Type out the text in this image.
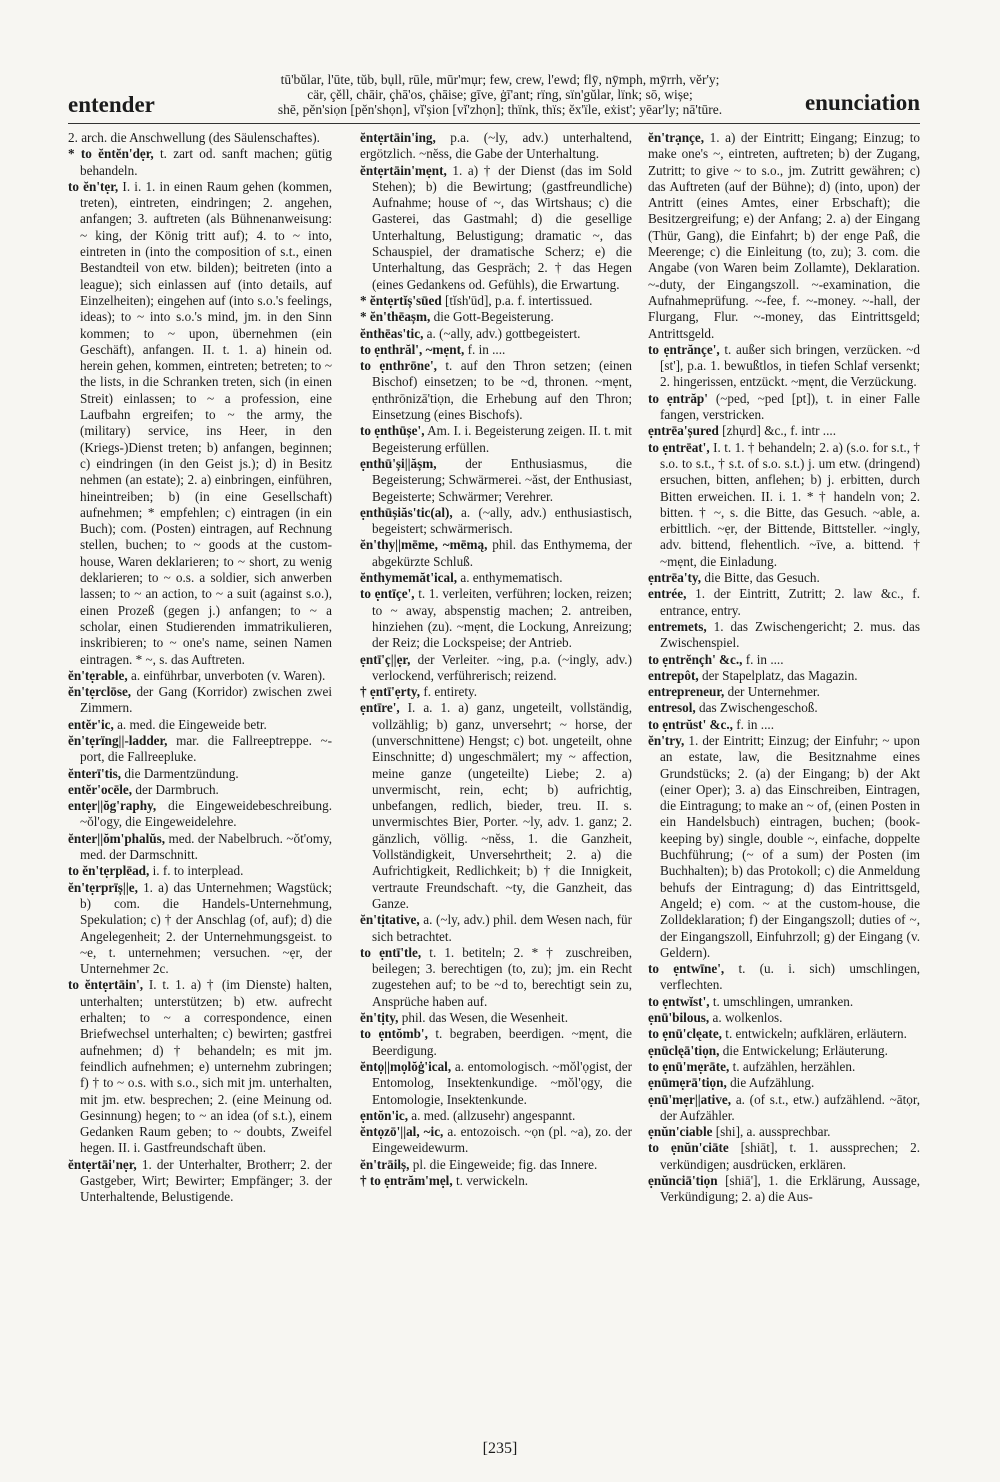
tū'bŭlar, l'ūte, tŭb, bụll, rūle, mūr'mụr; few, crew, l'ewd; flȳ, nȳmph, mȳrrh, vĕr'y;
cär, çĕll, chāir, çhā'os, çhāise; gīve, ġī'ant; rïng, sïn'gŭlar, lïnk; sō, wișe;
shē, pĕn'siọn [pĕn'shọn], vĭ'șion [vĭ'zhọn]; thïnk, thïs; ĕx'ïle, eẋist'; yēar'ly; nā'tūre.
entender	enunciation
2. arch. die Anschwellung (des Säulenschaftes).
* to ĕntĕn'dẹr, t. zart od. sanft machen; gütig behandeln.
to ĕn'tẹr, I. i. 1. in einen Raum gehen (kommen, treten), eintreten, eindringen; 2. angehen, anfangen; 3. auftreten (als Bühnenanweisung: ~ king, der König tritt auf); 4. to ~ into, eintreten in (into the composition of s.t., einen Bestandteil von etw. bilden); beitreten (into a league); sich einlassen auf (into details, auf Einzelheiten); eingehen auf (into s.o.'s feelings, ideas); to ~ into s.o.'s mind, jm. in den Sinn kommen; to ~ upon, übernehmen (ein Geschäft), anfangen. II. t. 1. a) hinein od. herein gehen, kommen, eintreten; betreten; to ~ the lists, in die Schranken treten, sich (in einen Streit) einlassen; to ~ a profession, eine Laufbahn ergreifen; to ~ the army, the (military) service, ins Heer, in den (Kriegs-)Dienst treten; b) anfangen, beginnen; c) eindringen (in den Geist js.); d) in Besitz nehmen (an estate); 2. a) einbringen, einführen, hineintreiben; b) (in eine Gesellschaft) aufnehmen; * empfehlen; c) eintragen (in ein Buch); com. (Posten) eintragen, auf Rechnung stellen, buchen; to ~ goods at the custom-house, Waren deklarieren; to ~ short, zu wenig deklarieren; to ~ o.s. a soldier, sich anwerben lassen; to ~ an action, to ~ a suit (against s.o.), einen Prozeß (gegen j.) anfangen; to ~ a scholar, einen Studierenden immatrikulieren, inskribieren; to ~ one's name, seinen Namen eintragen. * ~, s. das Auftreten.
ĕn'tẹrable, a. einführbar, unverboten (v. Waren).
ĕn'tẹrclōse, der Gang (Korridor) zwischen zwei Zimmern.
entĕr'ic, a. med. die Eingeweide betr.
ĕn'tẹrïng||-ladder, mar. die Fallreeptreppe. ~-port, die Fallreepluke.
ĕnterī'tis, die Darmentzündung.
entĕr'ocēle, der Darmbruch.
entẹr||ŏg'raphy, die Eingeweidebeschreibung. ~ŏl'ogy, die Eingeweidelehre.
ĕnter||ŏm'phalŭs, med. der Nabelbruch. ~ŏt'omy, med. der Darmschnitt.
to ĕn'tẹrplēad, i. f. to interplead.
ĕn'tẹrprīș||e, 1. a) das Unternehmen; Wagstück; b) com. die Handels-Unternehmung, Spekulation; c) † der Anschlag (of, auf); d) die Angelegenheit; 2. der Unternehmungsgeist. to ~e, t. unternehmen; versuchen. ~ẹr, der Unternehmer 2c.
to ĕntẹrtāin', I. t. 1. a) † (im Dienste) halten, unterhalten; unterstützen; b) etw. aufrecht erhalten; to ~ a correspondence, einen Briefwechsel unterhalten; c) bewirten; gastfrei aufnehmen; d) † behandeln; es mit jm. feindlich aufnehmen; e) unternehm zubringen; f) † to ~ o.s. with s.o., sich mit jm. unterhalten, mit jm. etw. besprechen; 2. (eine Meinung od. Gesinnung) hegen; to ~ an idea (of s.t.), einem Gedanken Raum geben; to ~ doubts, Zweifel hegen. II. i. Gastfreundschaft üben.
ĕntẹrtāi'nẹr, 1. der Unterhalter, Brotherr; 2. der Gastgeber, Wirt; Bewirter; Empfänger; 3. der Unterhaltende, Belustigende.
ĕntẹrtāin'ing, p.a. (~ly, adv.) unterhaltend, ergötzlich. ~nĕss, die Gabe der Unterhaltung.
ĕntẹrtāin'mẹnt, 1. a) † der Dienst (das im Sold Stehen); b) die Bewirtung; (gastfreundliche) Aufnahme; house of ~, das Wirtshaus; c) die Gasterei, das Gastmahl; d) die gesellige Unterhaltung, Belustigung; dramatic ~, das Schauspiel, der dramatische Scherz; e) die Unterhaltung, das Gespräch; 2. † das Hegen (eines Gedankens od. Gefühls), die Erwartung.
* ĕntẹrtĭș'sūed [tĭsh'ūd], p.a. f. intertissued.
* ĕn'thēașm, die Gott-Begeisterung.
ĕnthēas'tic, a. (~ally, adv.) gottbegeistert.
to ẹnthrăl', ~mẹnt, f. in ....
to ẹnthrōne', t. auf den Thron setzen; (einen Bischof) einsetzen; to be ~d, thronen. ~mẹnt, ẹnthrōnizā'tiọn, die Erhebung auf den Thron; Einsetzung (eines Bischofs).
to ẹnthūșe', Am. I. i. Begeisterung zeigen. II. t. mit Begeisterung erfüllen.
ẹnthū'și||ășm, der Enthusiasmus, die Begeisterung; Schwärmerei. ~ăst, der Enthusiast, Begeisterte; Schwärmer; Verehrer.
ẹnthūșiăs'tic(al), a. (~ally, adv.) enthusiastisch, begeistert; schwärmerisch.
ĕn'thy||mēme, ~mēmą, phil. das Enthymema, der abgekürzte Schluß.
ĕnthymemăt'ical, a. enthymematisch.
to ẹntīçe', t. 1. verleiten, verführen; locken, reizen; to ~ away, abspenstig machen; 2. antreiben, hinziehen (zu). ~mẹnt, die Lockung, Anreizung; der Reiz; die Lockspeise; der Antrieb.
ẹntī'ç||ẹr, der Verleiter. ~ing, p.a. (~ingly, adv.) verlockend, verführerisch; reizend.
† ẹntī'ẹrty, f. entirety.
ẹntīre', I. a. 1. a) ganz, ungeteilt, vollständig, vollzählig; b) ganz, unversehrt; ~ horse, der (unverschnittene) Hengst; c) bot. ungeteilt, ohne Einschnitte; d) ungeschmälert; my ~ affection, meine ganze (ungeteilte) Liebe; 2. a) unvermischt, rein, echt; b) aufrichtig, unbefangen, redlich, bieder, treu. II. s. unvermischtes Bier, Porter. ~ly, adv. 1. ganz; 2. gänzlich, völlig. ~nĕss, 1. die Ganzheit, Vollständigkeit, Unversehrtheit; 2. a) die Aufrichtigkeit, Redlichkeit; b) † die Innigkeit, vertraute Freundschaft. ~ty, die Ganzheit, das Ganze.
ĕn'tịtative, a. (~ly, adv.) phil. dem Wesen nach, für sich betrachtet.
to ẹntī'tle, t. 1. betiteln; 2. * † zuschreiben, beilegen; 3. berechtigen (to, zu); jm. ein Recht zugestehen auf; to be ~d to, berechtigt sein zu, Ansprüche haben auf.
ĕn'tịty, phil. das Wesen, die Wesenheit.
to ẹntŏmb', t. begraben, beerdigen. ~mẹnt, die Beerdigung.
ĕntọ||mọlŏġ'ical, a. entomologisch. ~mŏl'ọgist, der Entomolog, Insektenkundige. ~mŏl'ọgy, die Entomologie, Insektenkunde.
ẹntŏn'ic, a. med. (allzusehr) angespannt.
ĕntọzō'||al, ~ic, a. entozoisch. ~ọn (pl. ~a), zo. der Eingeweidewurm.
ĕn'trāilș, pl. die Eingeweide; fig. das Innere.
† to ẹntrăm'mẹl, t. verwickeln.
ĕn'trạnçe, 1. a) der Eintritt; Eingang; Einzug; to make one's ~, eintreten, auftreten; b) der Zugang, Zutritt; to give ~ to s.o., jm. Zutritt gewähren; c) das Auftreten (auf der Bühne); d) (into, upon) der Antritt (eines Amtes, einer Erbschaft); die Besitzergreifung; e) der Anfang; 2. a) der Eingang (Thür, Gang), die Einfahrt; b) der enge Paß, die Meerenge; c) die Einleitung (to, zu); 3. com. die Angabe (von Waren beim Zollamte), Deklaration. ~-duty, der Eingangszoll. ~-examination, die Aufnahmeprüfung. ~-fee, f. ~-money. ~-hall, der Flurgang, Flur. ~-money, das Eintrittsgeld; Antrittsgeld.
to ẹntrănçe', t. außer sich bringen, verzücken. ~d [st'], p.a. 1. bewußtlos, in tiefen Schlaf versenkt; 2. hingerissen, entzückt. ~mẹnt, die Verzückung.
to ẹntrăp' (~ped, ~ped [pt]), t. in einer Falle fangen, verstricken.
ẹntrēa'șured [zhụrd] &c., f. intr ....
to ẹntrēat', I. t. 1. † behandeln; 2. a) (s.o. for s.t., † s.o. to s.t., † s.t. of s.o. s.t.) j. um etw. (dringend) ersuchen, bitten, anflehen; b) j. erbitten, durch Bitten erweichen. II. i. 1. * † handeln von; 2. bitten. † ~, s. die Bitte, das Gesuch. ~able, a. erbittlich. ~ẹr, der Bittende, Bittsteller. ~ingly, adv. bittend, flehentlich. ~īve, a. bittend. † ~mẹnt, die Einladung.
ẹntrēa'ty, die Bitte, das Gesuch.
entrée, 1. der Eintritt, Zutritt; 2. law &c., f. entrance, entry.
entremets, 1. das Zwischengericht; 2. mus. das Zwischenspiel.
to ẹntrĕnçh' &c., f. in ....
entrepôt, der Stapelplatz, das Magazin.
entrepreneur, der Unternehmer.
entresol, das Zwischengeschoß.
to ẹntrŭst' &c., f. in ....
ĕn'try, 1. der Eintritt; Einzug; der Einfuhr; ~ upon an estate, law, die Besitznahme eines Grundstücks; 2. (a) der Eingang; b) der Akt (einer Oper); 3. a) das Einschreiben, Eintragen, die Eintragung; to make an ~ of, (einen Posten in ein Handelsbuch) eintragen, buchen; (book-keeping by) single, double ~, einfache, doppelte Buchführung; (~ of a sum) der Posten (im Buchhalten); b) das Protokoll; c) die Anmeldung behufs der Eintragung; d) das Eintrittsgeld, Angeld; e) com. ~ at the custom-house, die Zolldeklaration; f) der Eingangszoll; duties of ~, der Eingangszoll, Einfuhrzoll; g) der Eingang (v. Geldern).
to ẹntwīne', t. (u. i. sich) umschlingen, verflechten.
to ẹntwĭst', t. umschlingen, umranken.
ẹnū'bilous, a. wolkenlos.
to ẹnū'clęate, t. entwickeln; aufklären, erläutern.
ẹnūclęā'tiọn, die Entwickelung; Erläuterung.
to ẹnū'mẹrāte, t. aufzählen, herzählen.
ẹnūmẹrā'tiọn, die Aufzählung.
ẹnū'mẹr||ative, a. (of s.t., etw.) aufzählend. ~ātọr, der Aufzähler.
ẹnŭn'ciable [shi], a. aussprechbar.
to ẹnŭn'ciāte [shiāt], t. 1. aussprechen; 2. verkündigen; ausdrücken, erklären.
ẹnŭnciā'tiọn [shiā'], 1. die Erklärung, Aussage, Verkündigung; 2. a) die Aus-
[235]
